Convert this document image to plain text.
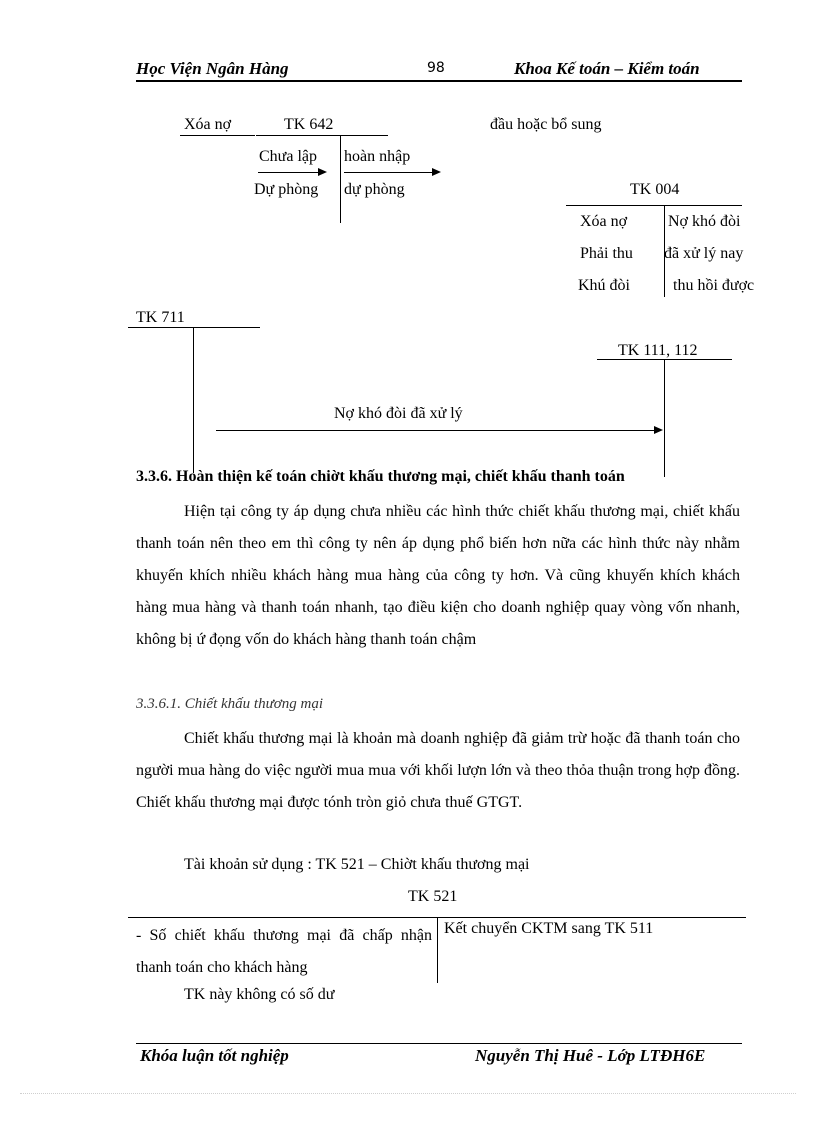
Học Viện Ngân Hàng	98	Khoa Kế toán – Kiểm toán
Xóa nợ	TK 642	đầu hoặc bổ sung
Chưa lập hoàn nhập
Dự phòng dự phòng	TK 004
Xóa nợ	Nợ khó đòi
Phải thu đã xử lý nay
Khú đòi	thu hồi được
TK 711
TK 111, 112
Nợ khó đòi đã xử lý
3.3.6. Hoàn thiện kế toán chiờt khấu thương mại, chiết khấu thanh toán
Hiện tại công ty áp dụng chưa nhiều các hình thức chiết khấu thương mại, chiết khấu thanh toán nên theo em thì công ty nên áp dụng phổ biến hơn nữa các hình thức này nhằm khuyến khích nhiều khách hàng mua hàng của công ty hơn. Và cũng khuyến khích khách hàng mua hàng và thanh toán nhanh, tạo điều kiện cho doanh nghiệp quay vòng vốn nhanh, không bị ứ đọng vốn do khách hàng thanh toán chậm
3.3.6.1. Chiết khấu thương mại
Chiết khấu thương mại là khoản mà doanh nghiệp đã giảm trừ hoặc đã thanh toán cho người mua hàng do việc người mua mua với khối lượn lớn và theo thỏa thuận trong hợp đồng. Chiết khấu thương mại được tónh tròn giỏ chưa thuế GTGT.
Tài khoản sử dụng : TK 521 – Chiờt khấu thương mại
TK 521
- Số chiết khấu thương mại đã chấp nhận thanh toán cho khách hàng
Kết chuyển CKTM sang TK 511
TK này không có số dư
Khóa luận tốt nghiệp	Nguyễn Thị Huê - Lớp LTĐH6E
